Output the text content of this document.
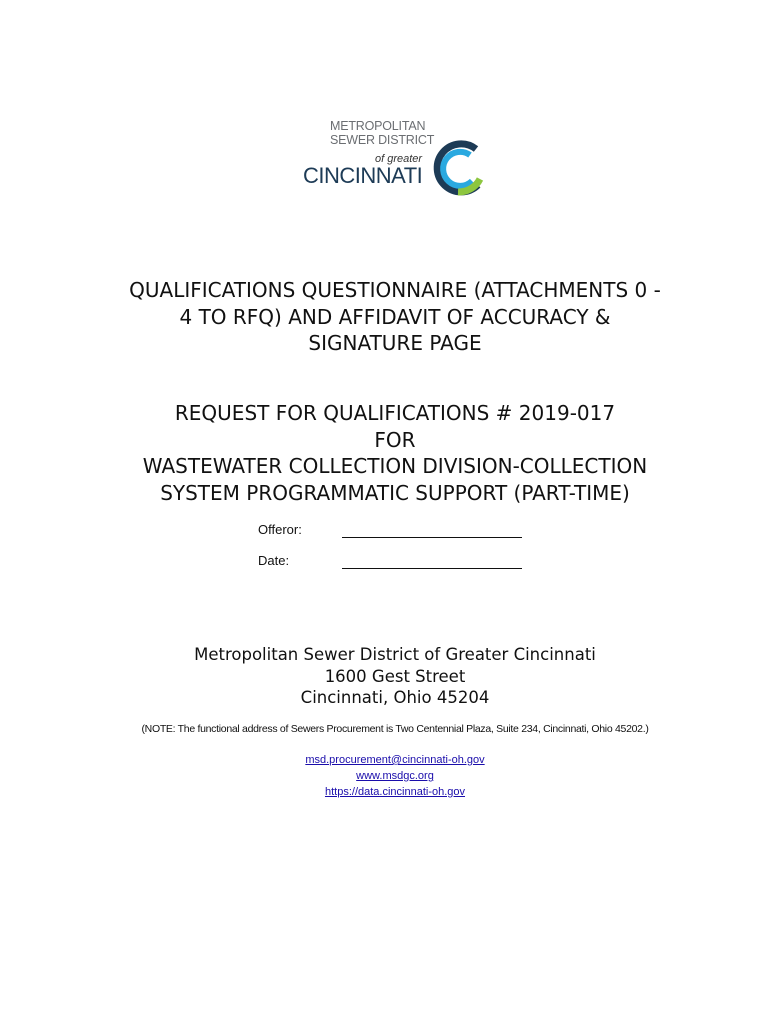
METROPOLITAN
SEWER DISTRICT
of greater
CINCINNATI
QUALIFICATIONS QUESTIONNAIRE (ATTACHMENTS 0 -
4 TO RFQ) AND AFFIDAVIT OF ACCURACY &
SIGNATURE PAGE
REQUEST FOR QUALIFICATIONS # 2019-017
FOR
WASTEWATER COLLECTION DIVISION-COLLECTION
SYSTEM PROGRAMMATIC SUPPORT (PART-TIME)
Offeror:
Date:
Metropolitan Sewer District of Greater Cincinnati
1600 Gest Street
Cincinnati, Ohio 45204
(NOTE: The functional address of Sewers Procurement is Two Centennial Plaza, Suite 234, Cincinnati, Ohio 45202.)
msd.procurement@cincinnati-oh.gov
www.msdgc.org
https://data.cincinnati-oh.gov
